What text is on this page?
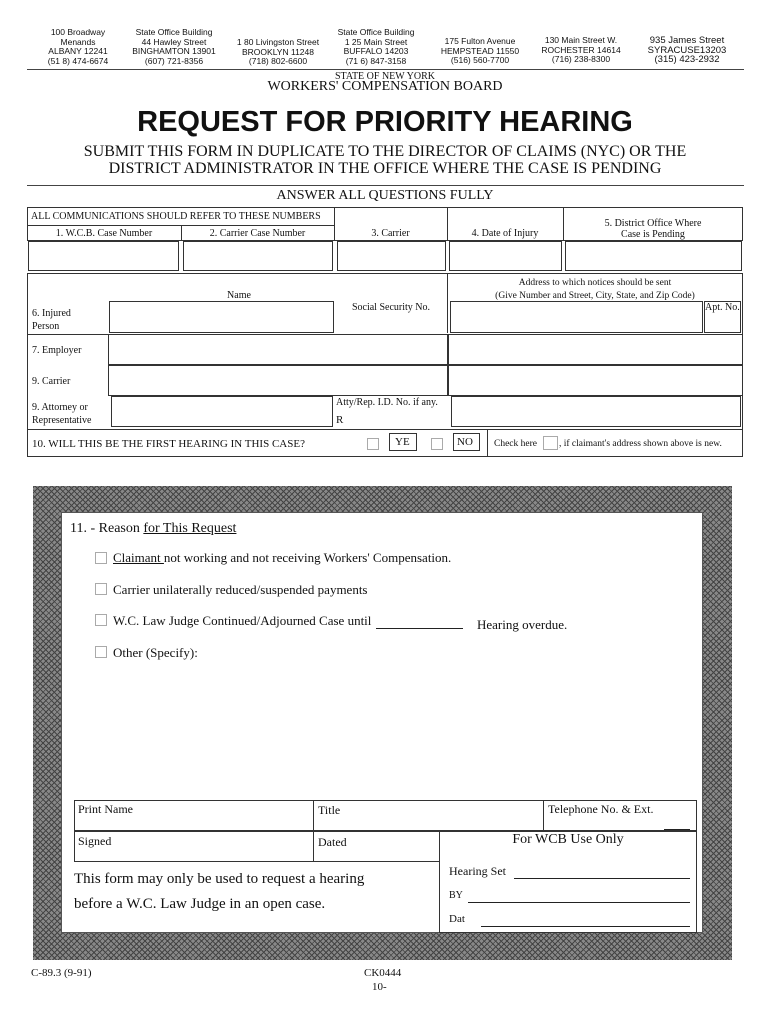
100 Broadway
Menands
ALBANY 12241
(51 8) 474-6674
State Office Building
44 Hawley Street
BINGHAMTON 13901
(607) 721-8356
1 80 Livingston Street
BROOKLYN 11248
(718) 802-6600
State Office Building
1 25 Main Street
BUFFALO 14203
(71 6) 847-3158
175 Fulton Avenue
HEMPSTEAD 11550
(516) 560-7700
130 Main Street W.
ROCHESTER 14614
(716) 238-8300
935 James Street
SYRACUSE13203
(315) 423-2932
STATE OF NEW YORK
WORKERS' COMPENSATION BOARD
REQUEST FOR PRIORITY HEARING
SUBMIT THIS FORM IN DUPLICATE TO THE DIRECTOR OF CLAIMS (NYC) OR THE
DISTRICT ADMINISTRATOR IN THE OFFICE WHERE THE CASE IS PENDING
ANSWER ALL QUESTIONS FULLY
ALL COMMUNICATIONS SHOULD REFER TO THESE NUMBERS
1. W.C.B. Case Number	2. Carrier Case Number	3. Carrier	4. Date of Injury
5. District Office Where
Case is Pending
Address to which notices should be sent
(Give Number and Street, City, State, and Zip Code)
Name
6. Injured
Person
Social Security No.	Apt. No.
7. Employer
9. Carrier
9. Attorney or
Representative
Atty/Rep. I.D. No. if any.
R
10. WILL THIS BE THE FIRST HEARING IN THIS CASE?	YE	NO Check here , if claimant's address shown above is new.
11. - Reason for This Request
Claimant not working and not receiving Workers' Compensation.
Carrier unilaterally reduced/suspended payments
W.C. Law Judge Continued/Adjourned Case until	Hearing overdue.
Other (Specify):
Print Name	Title	Telephone No. & Ext.
Signed	Dated
This form may only be used to request a hearing
before a W.C. Law Judge in an open case.
For WCB Use Only
Hearing Set
BY
Dat
C-89.3 (9-91)	CK0444
10-
